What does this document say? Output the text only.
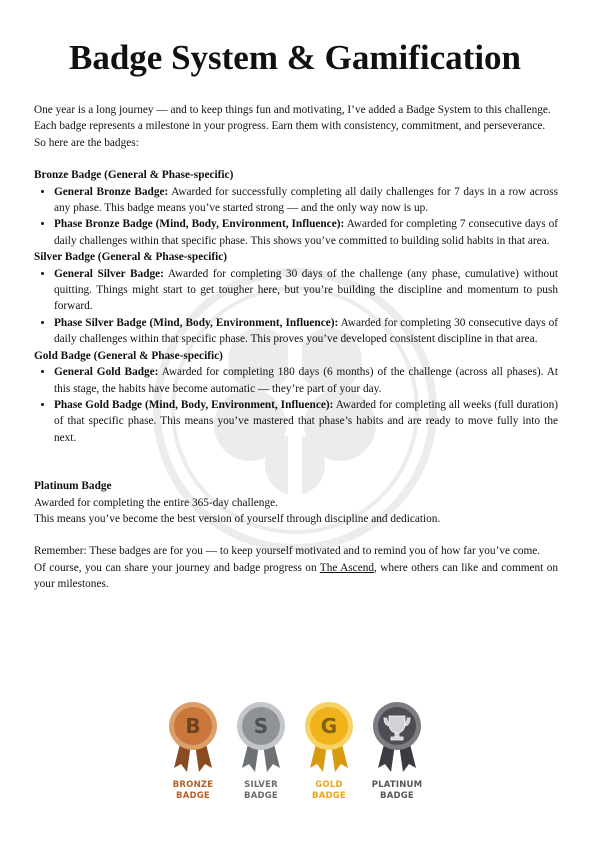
Badge System & Gamification

One year is a long journey — and to keep things fun and motivating, I’ve added a Badge System to this challenge.

Each badge represents a milestone in your progress. Earn them with consistency, commitment, and perseverance.

So here are the badges:

Bronze Badge (General & Phase-specific)

• General Bronze Badge: Awarded for successfully completing all daily challenges for 7 days in a row across any phase. This badge means you’ve started strong — and the only way now is up.
• Phase Bronze Badge (Mind, Body, Environment, Influence): Awarded for completing 7 consecutive days of daily challenges within that specific phase. This shows you’ve committed to building solid habits in that area.

Silver Badge (General & Phase-specific)

• General Silver Badge: Awarded for completing 30 days of the challenge (any phase, cumulative) without quitting. Things might start to get tougher here, but you’re building the discipline and momentum to push forward.
• Phase Silver Badge (Mind, Body, Environment, Influence): Awarded for completing 30 consecutive days of daily challenges within that specific phase. This proves you’ve developed consistent discipline in that area.

Gold Badge (General & Phase-specific)

• General Gold Badge: Awarded for completing 180 days (6 months) of the challenge (across all phases). At this stage, the habits have become automatic — they’re part of your day.
• Phase Gold Badge (Mind, Body, Environment, Influence): Awarded for completing all weeks (full duration) of that specific phase. This means you’ve mastered that phase’s habits and are ready to move fully into the next.

Platinum Badge

Awarded for completing the entire 365-day challenge.

This means you’ve become the best version of yourself through discipline and dedication.

Remember: These badges are for you — to keep yourself motivated and to remind you of how far you’ve come.

Of course, you can share your journey and badge progress on The Ascend, where others can like and comment on your milestones.

B
BRONZE
BADGE
S
SILVER
BADGE
G
GOLD
BADGE
PLATINUM
BADGE
